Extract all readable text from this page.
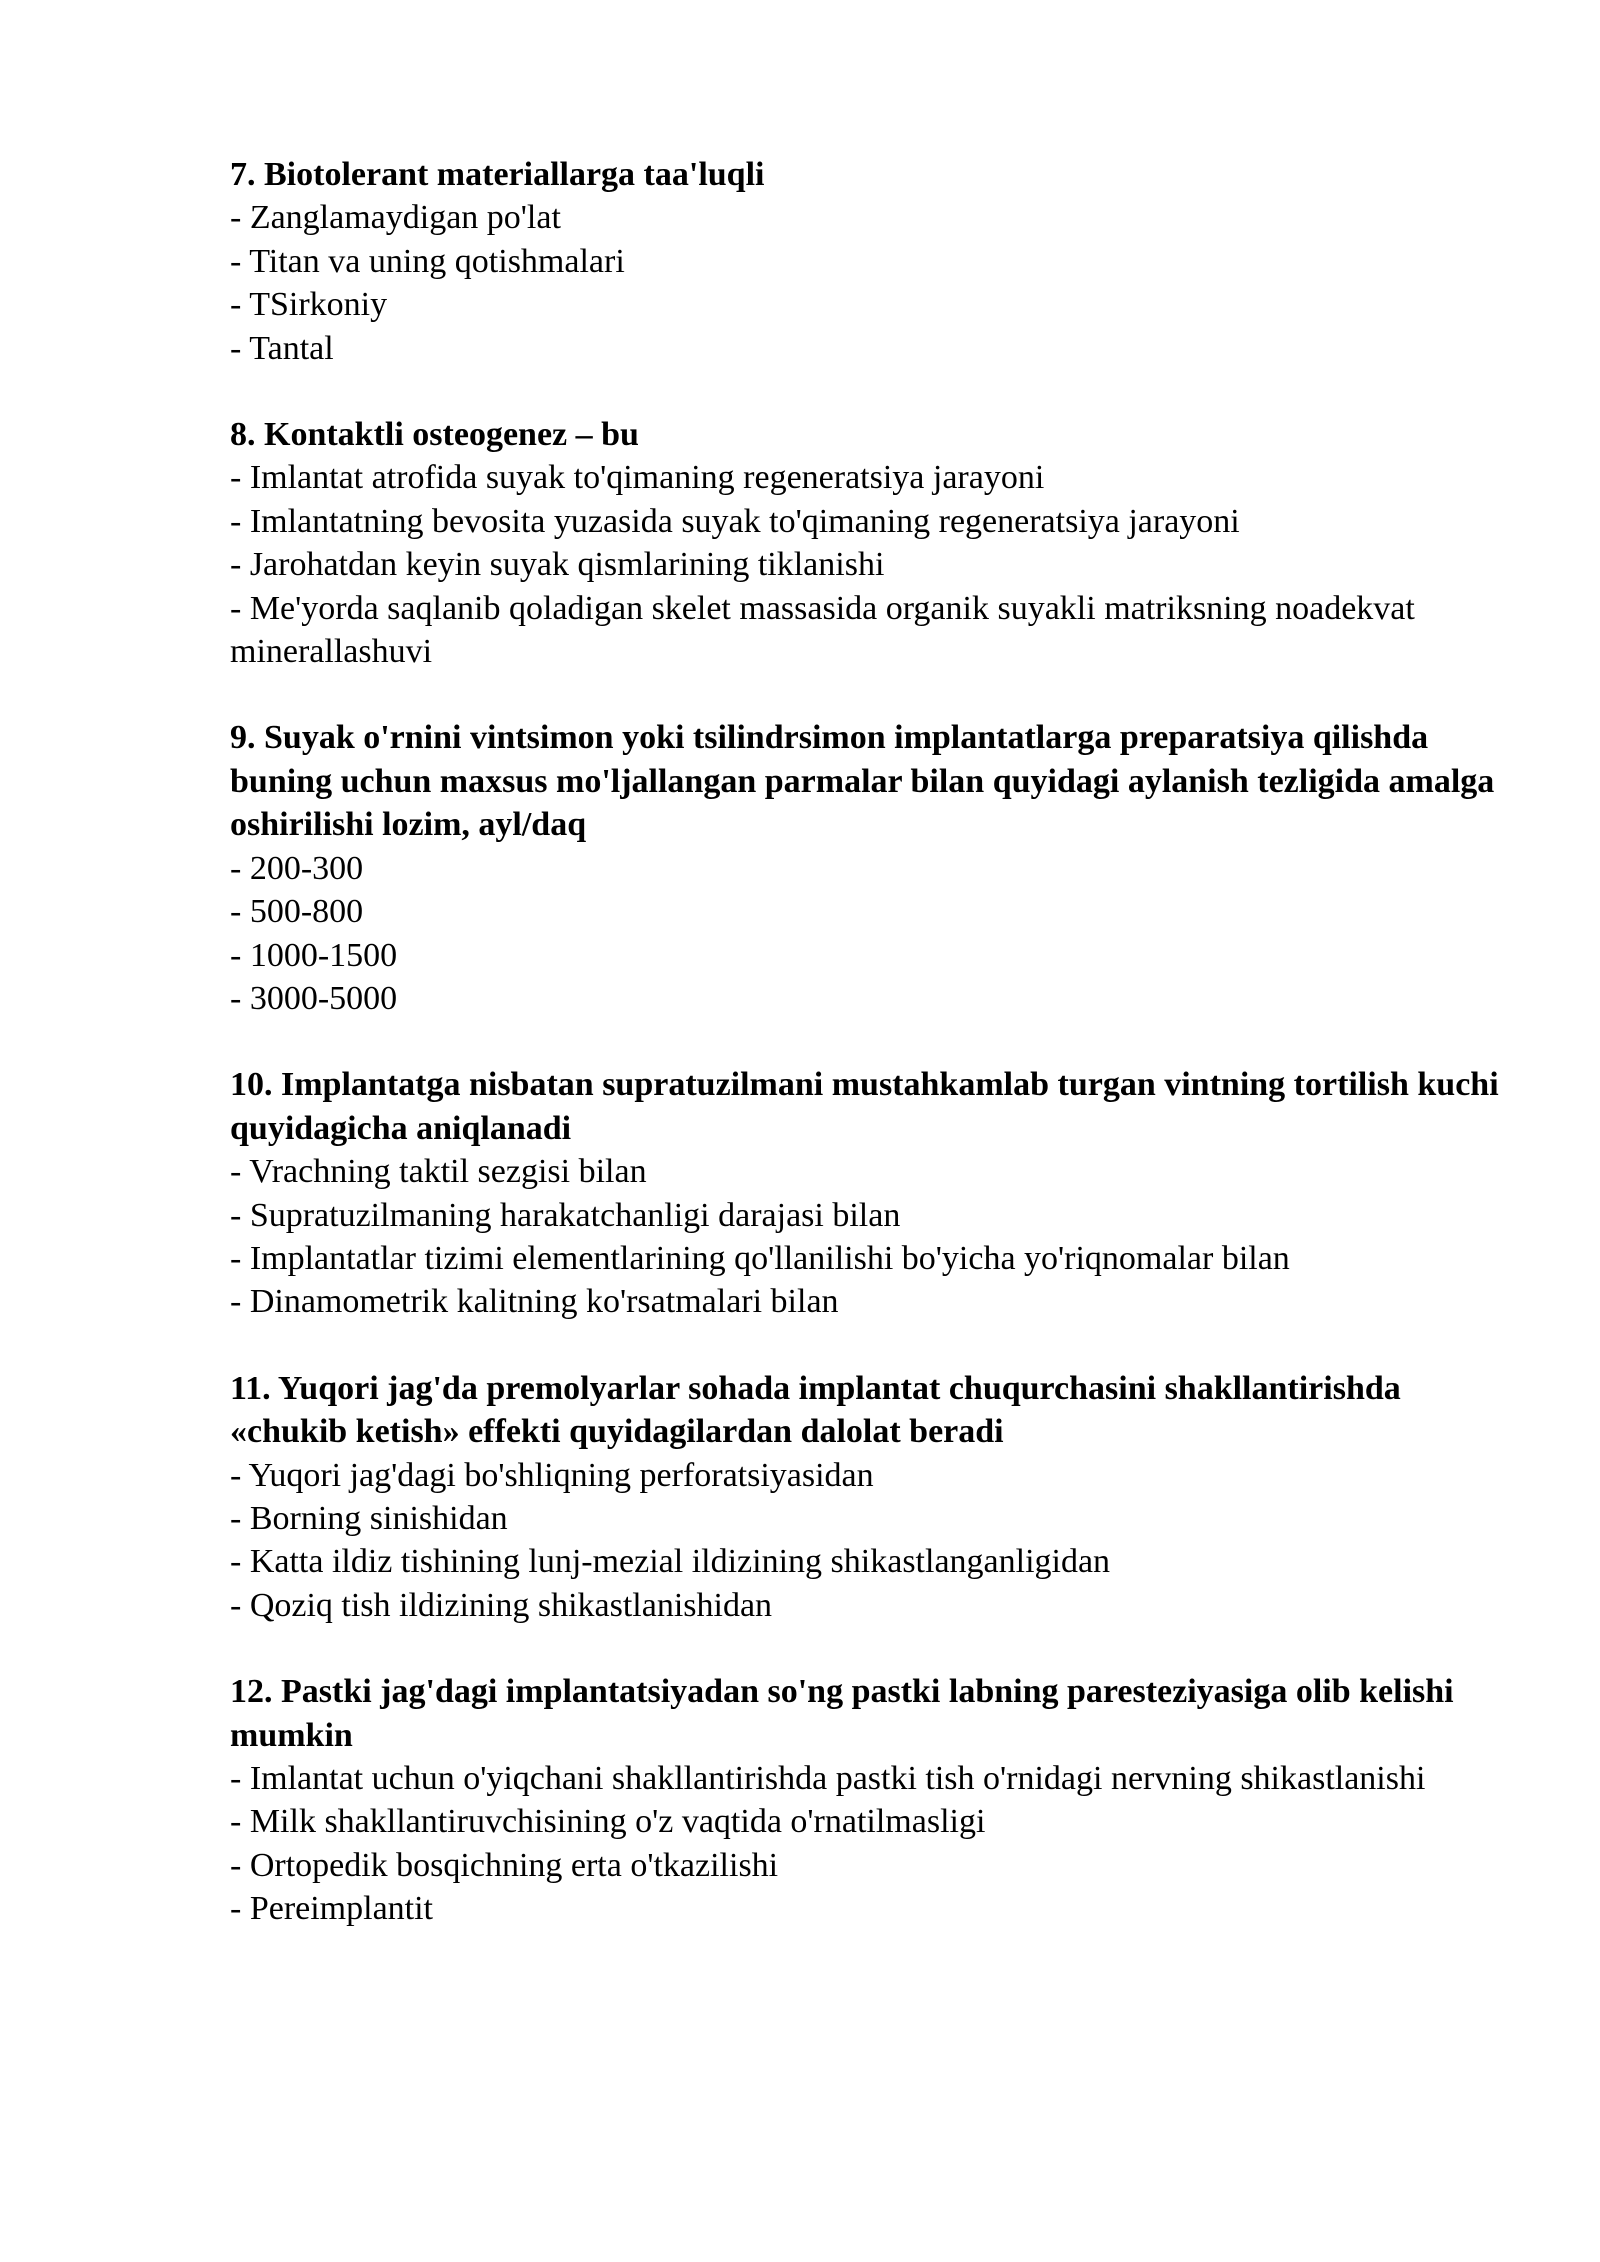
7. Biotolerant materiallarga taa'luqli

- Zanglamaydigan po'lat

- Titan va uning qotishmalari

- TSirkoniy

- Tantal

8. Kontaktli osteogenez – bu

- Imlantat atrofida suyak to'qimaning regeneratsiya jarayoni

- Imlantatning bevosita yuzasida suyak to'qimaning regeneratsiya jarayoni

- Jarohatdan keyin suyak qismlarining tiklanishi

- Me'yorda saqlanib qoladigan skelet massasida organik suyakli matriksning noadekvat minerallashuvi

9. Suyak o'rnini vintsimon yoki tsilindrsimon implantatlarga preparatsiya qilishda buning uchun maxsus mo'ljallangan parmalar bilan quyidagi aylanish tezligida amalga oshirilishi lozim, ayl/daq

- 200-300

- 500-800

- 1000-1500

- 3000-5000

10. Implantatga nisbatan supratuzilmani mustahkamlab turgan vintning tortilish kuchi quyidagicha aniqlanadi

- Vrachning taktil sezgisi bilan

- Supratuzilmaning harakatchanligi darajasi bilan

- Implantatlar tizimi elementlarining qo'llanilishi bo'yicha yo'riqnomalar bilan

- Dinamometrik kalitning ko'rsatmalari bilan

11. Yuqori jag'da premolyarlar sohada implantat chuqurchasini shakllantirishda «chukib ketish» effekti quyidagilardan dalolat beradi

- Yuqori jag'dagi bo'shliqning perforatsiyasidan

- Borning sinishidan

- Katta ildiz tishining lunj-mezial ildizining shikastlanganligidan

- Qoziq tish ildizining shikastlanishidan

12. Pastki jag'dagi implantatsiyadan so'ng pastki labning paresteziyasiga olib kelishi mumkin

- Imlantat uchun o'yiqchani shakllantirishda pastki tish o'rnidagi nervning shikastlanishi

- Milk shakllantiruvchisining o'z vaqtida o'rnatilmasligi

- Ortopedik bosqichning erta o'tkazilishi

- Pereimplantit
